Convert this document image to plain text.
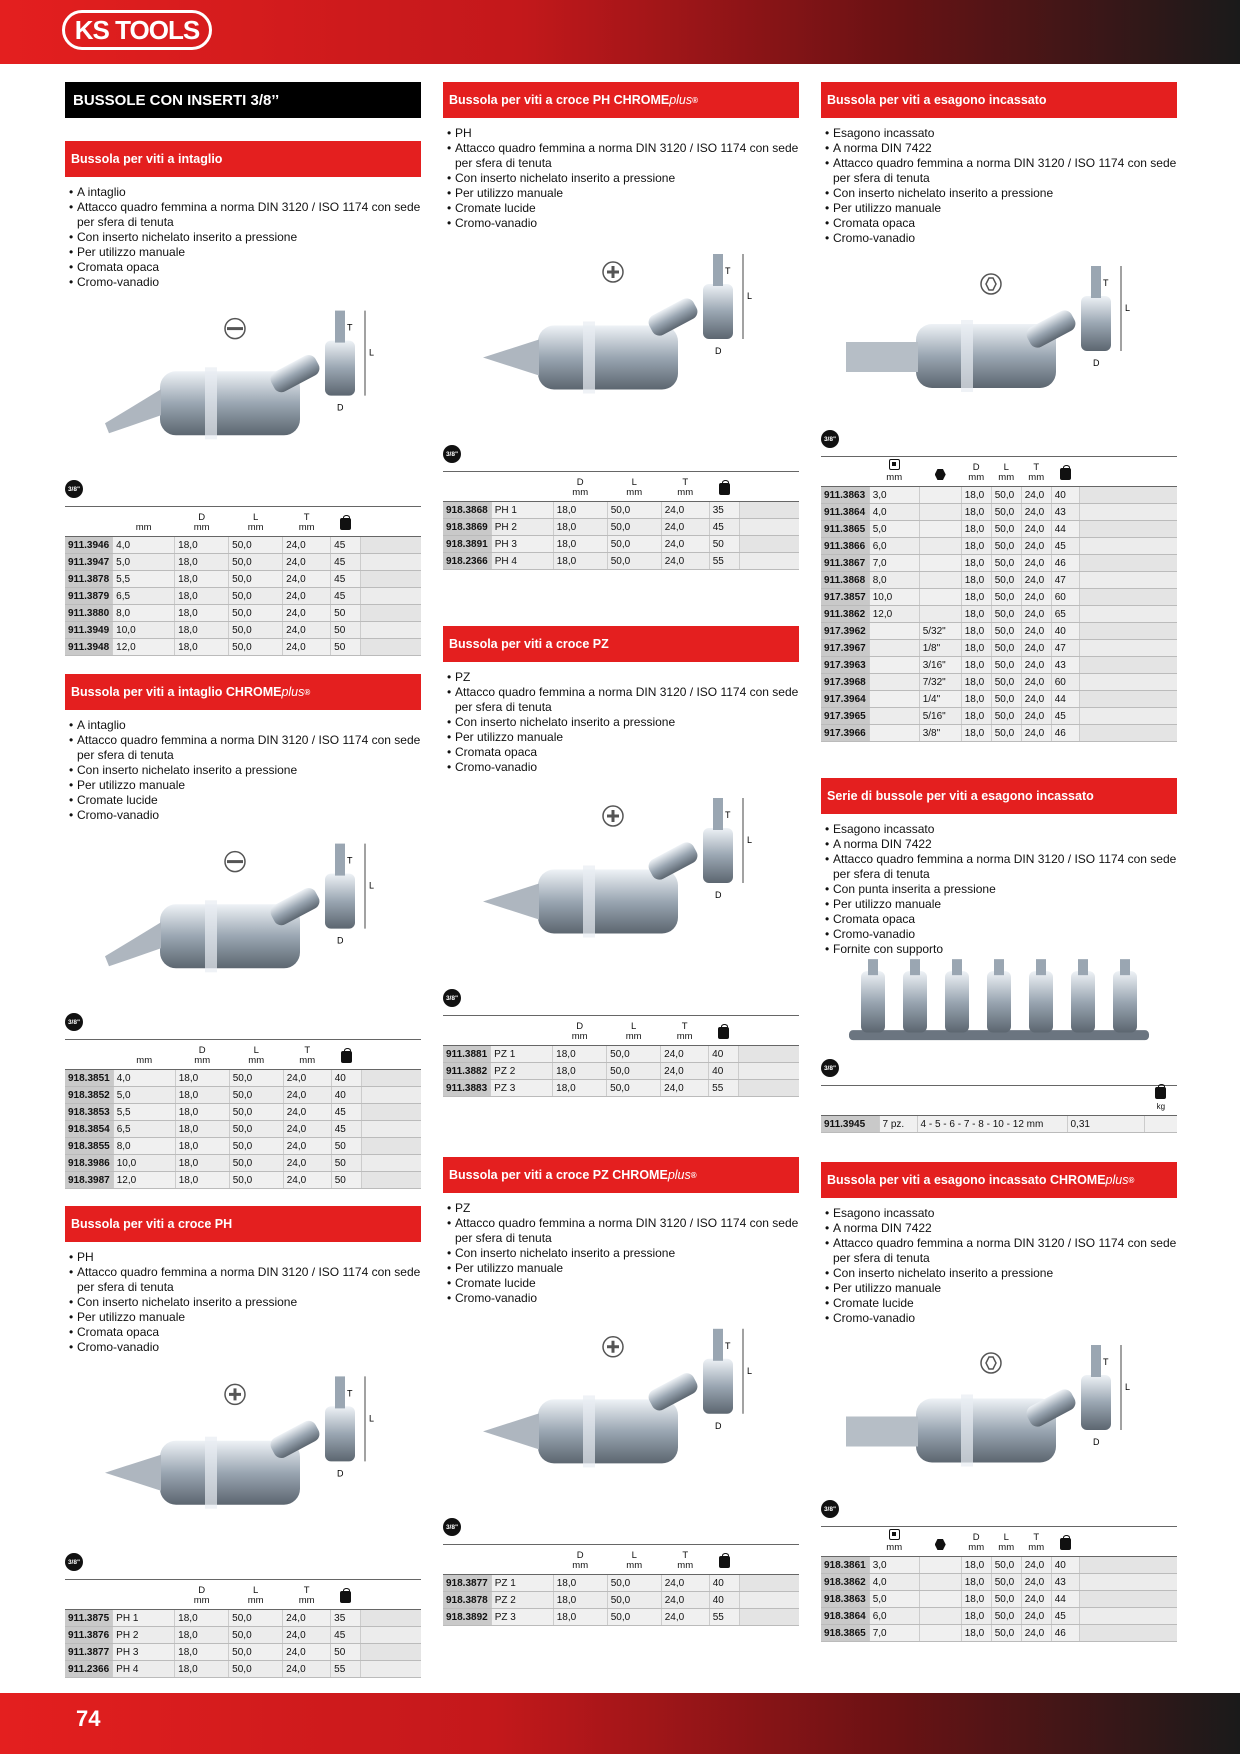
KS TOOLS
BUSSOLE CON INSERTI 3/8’’
Bussola per viti a intaglio
• A intaglio
• Attacco quadro femmina a norma DIN 3120 / ISO 1174 con sede per sfera di tenuta
• Con inserto nichelato inserito a pressione
• Per utilizzo manuale
• Cromata opaca
• Cromo-vanadio
L
T
D
3/8"
	mm	D
mm	L
mm	T
mm		
911.3946	4,0	18,0	50,0	24,0	45	
911.3947	5,0	18,0	50,0	24,0	45	
911.3878	5,5	18,0	50,0	24,0	45	
911.3879	6,5	18,0	50,0	24,0	45	
911.3880	8,0	18,0	50,0	24,0	50	
911.3949	10,0	18,0	50,0	24,0	50	
911.3948	12,0	18,0	50,0	24,0	50	
Bussola per viti a intaglio CHROME plus ®
• A intaglio
• Attacco quadro femmina a norma DIN 3120 / ISO 1174 con sede per sfera di tenuta
• Con inserto nichelato inserito a pressione
• Per utilizzo manuale
• Cromate lucide
• Cromo-vanadio
L
T
D
3/8"
	mm	D
mm	L
mm	T
mm		
918.3851	4,0	18,0	50,0	24,0	40	
918.3852	5,0	18,0	50,0	24,0	40	
918.3853	5,5	18,0	50,0	24,0	45	
918.3854	6,5	18,0	50,0	24,0	45	
918.3855	8,0	18,0	50,0	24,0	50	
918.3986	10,0	18,0	50,0	24,0	50	
918.3987	12,0	18,0	50,0	24,0	50	
Bussola per viti a croce PH
• PH
• Attacco quadro femmina a norma DIN 3120 / ISO 1174 con sede per sfera di tenuta
• Con inserto nichelato inserito a pressione
• Per utilizzo manuale
• Cromata opaca
• Cromo-vanadio
L
T
D
3/8"
		D
mm	L
mm	T
mm		
911.3875	PH 1	18,0	50,0	24,0	35	
911.3876	PH 2	18,0	50,0	24,0	45	
911.3877	PH 3	18,0	50,0	24,0	50	
911.2366	PH 4	18,0	50,0	24,0	55	
Bussola per viti a croce PH CHROME plus ®
• PH
• Attacco quadro femmina a norma DIN 3120 / ISO 1174 con sede per sfera di tenuta
• Con inserto nichelato inserito a pressione
• Per utilizzo manuale
• Cromate lucide
• Cromo-vanadio
L
T
D
3/8"
		D
mm	L
mm	T
mm		
918.3868	PH 1	18,0	50,0	24,0	35	
918.3869	PH 2	18,0	50,0	24,0	45	
918.3891	PH 3	18,0	50,0	24,0	50	
918.2366	PH 4	18,0	50,0	24,0	55	
Bussola per viti a croce PZ
• PZ
• Attacco quadro femmina a norma DIN 3120 / ISO 1174 con sede per sfera di tenuta
• Con inserto nichelato inserito a pressione
• Per utilizzo manuale
• Cromata opaca
• Cromo-vanadio
L
T
D
3/8"
		D
mm	L
mm	T
mm		
911.3881	PZ 1	18,0	50,0	24,0	40	
911.3882	PZ 2	18,0	50,0	24,0	40	
911.3883	PZ 3	18,0	50,0	24,0	55	
Bussola per viti a croce PZ CHROME plus ®
• PZ
• Attacco quadro femmina a norma DIN 3120 / ISO 1174 con sede per sfera di tenuta
• Con inserto nichelato inserito a pressione
• Per utilizzo manuale
• Cromate lucide
• Cromo-vanadio
L
T
D
3/8"
		D
mm	L
mm	T
mm		
918.3877	PZ 1	18,0	50,0	24,0	40	
918.3878	PZ 2	18,0	50,0	24,0	40	
918.3892	PZ 3	18,0	50,0	24,0	55	
Bussola per viti a esagono incassato
• Esagono incassato
• A norma DIN 7422
• Attacco quadro femmina a norma DIN 3120 / ISO 1174 con sede per sfera di tenuta
• Con inserto nichelato inserito a pressione
• Per utilizzo manuale
• Cromata opaca
• Cromo-vanadio
L
T
D
3/8"

mm		D
mm	L
mm	T
mm		
911.3863	3,0		18,0	50,0	24,0	40	
911.3864	4,0		18,0	50,0	24,0	43	
911.3865	5,0		18,0	50,0	24,0	44	
911.3866	6,0		18,0	50,0	24,0	45	
911.3867	7,0		18,0	50,0	24,0	46	
911.3868	8,0		18,0	50,0	24,0	47	
917.3857	10,0		18,0	50,0	24,0	60	
911.3862	12,0		18,0	50,0	24,0	65	
917.3962		5/32"	18,0	50,0	24,0	40	
917.3967		1/8"	18,0	50,0	24,0	47	
917.3963		3/16"	18,0	50,0	24,0	43	
917.3968		7/32"	18,0	50,0	24,0	60	
917.3964		1/4"	18,0	50,0	24,0	44	
917.3965		5/16"	18,0	50,0	24,0	45	
917.3966		3/8"	18,0	50,0	24,0	46	
Serie di bussole per viti a esagono incassato
• Esagono incassato
• A norma DIN 7422
• Attacco quadro femmina a norma DIN 3120 / ISO 1174 con sede per sfera di tenuta
• Con punta inserita a pressione
• Per utilizzo manuale
• Cromata opaca
• Cromo-vanadio
• Fornite con supporto
3/8"

				kg	

911.3945	7 pz.	4 - 5 - 6 - 7 - 8 - 10 - 12 mm	0,31		
Bussola per viti a esagono incassato CHROME plus ®
• Esagono incassato
• A norma DIN 7422
• Attacco quadro femmina a norma DIN 3120 / ISO 1174 con sede per sfera di tenuta
• Con inserto nichelato inserito a pressione
• Per utilizzo manuale
• Cromate lucide
• Cromo-vanadio
L
T
D
3/8"

mm		D
mm	L
mm	T
mm		
918.3861	3,0		18,0	50,0	24,0	40	
918.3862	4,0		18,0	50,0	24,0	43	
918.3863	5,0		18,0	50,0	24,0	44	
918.3864	6,0		18,0	50,0	24,0	45	
918.3865	7,0		18,0	50,0	24,0	46	
74
